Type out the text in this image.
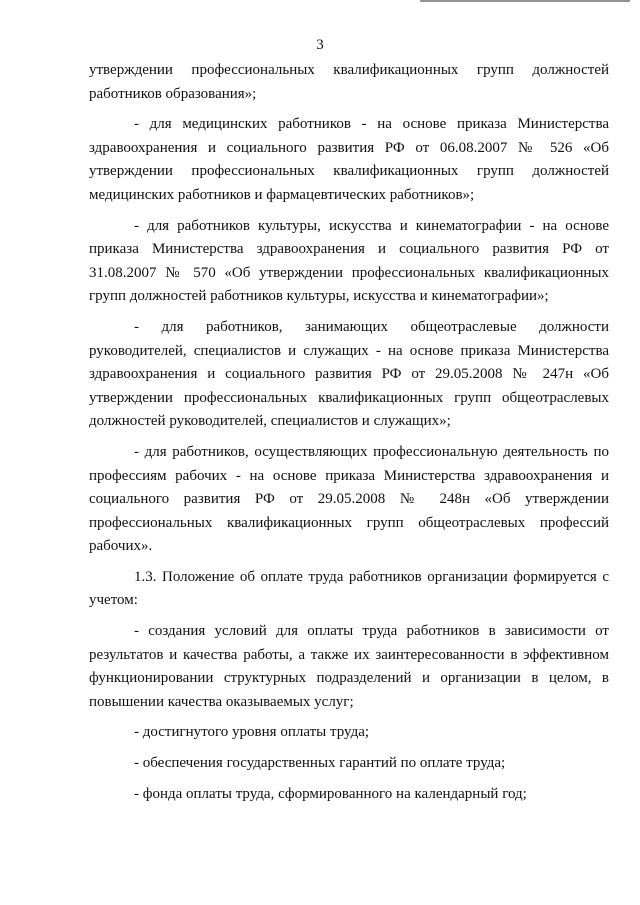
3

утверждении профессиональных квалификационных групп должностей работников образования»;

- для медицинских работников - на основе приказа Министерства здравоохранения и социального развития РФ от 06.08.2007 № 526 «Об утверждении профессиональных квалификационных групп должностей медицинских работников и фармацевтических работников»;

- для работников культуры, искусства и кинематографии - на основе приказа Министерства здравоохранения и социального развития РФ от 31.08.2007 № 570 «Об утверждении профессиональных квалификационных групп должностей работников культуры, искусства и кинематографии»;

- для работников, занимающих общеотраслевые должности руководителей, специалистов и служащих - на основе приказа Министерства здравоохранения и социального развития РФ от 29.05.2008 № 247н «Об утверждении профессиональных квалификационных групп общеотраслевых должностей руководителей, специалистов и служащих»;

- для работников, осуществляющих профессиональную деятельность по профессиям рабочих - на основе приказа Министерства здравоохранения и социального развития РФ от 29.05.2008 № 248н «Об утверждении профессиональных квалификационных групп общеотраслевых профессий рабочих».

1.3. Положение об оплате труда работников организации формируется с учетом:

- создания условий для оплаты труда работников в зависимости от результатов и качества работы, а также их заинтересованности в эффективном функционировании структурных подразделений и организации в целом, в повышении качества оказываемых услуг;

- достигнутого уровня оплаты труда;

- обеспечения государственных гарантий по оплате труда;

- фонда оплаты труда, сформированного на календарный год;
